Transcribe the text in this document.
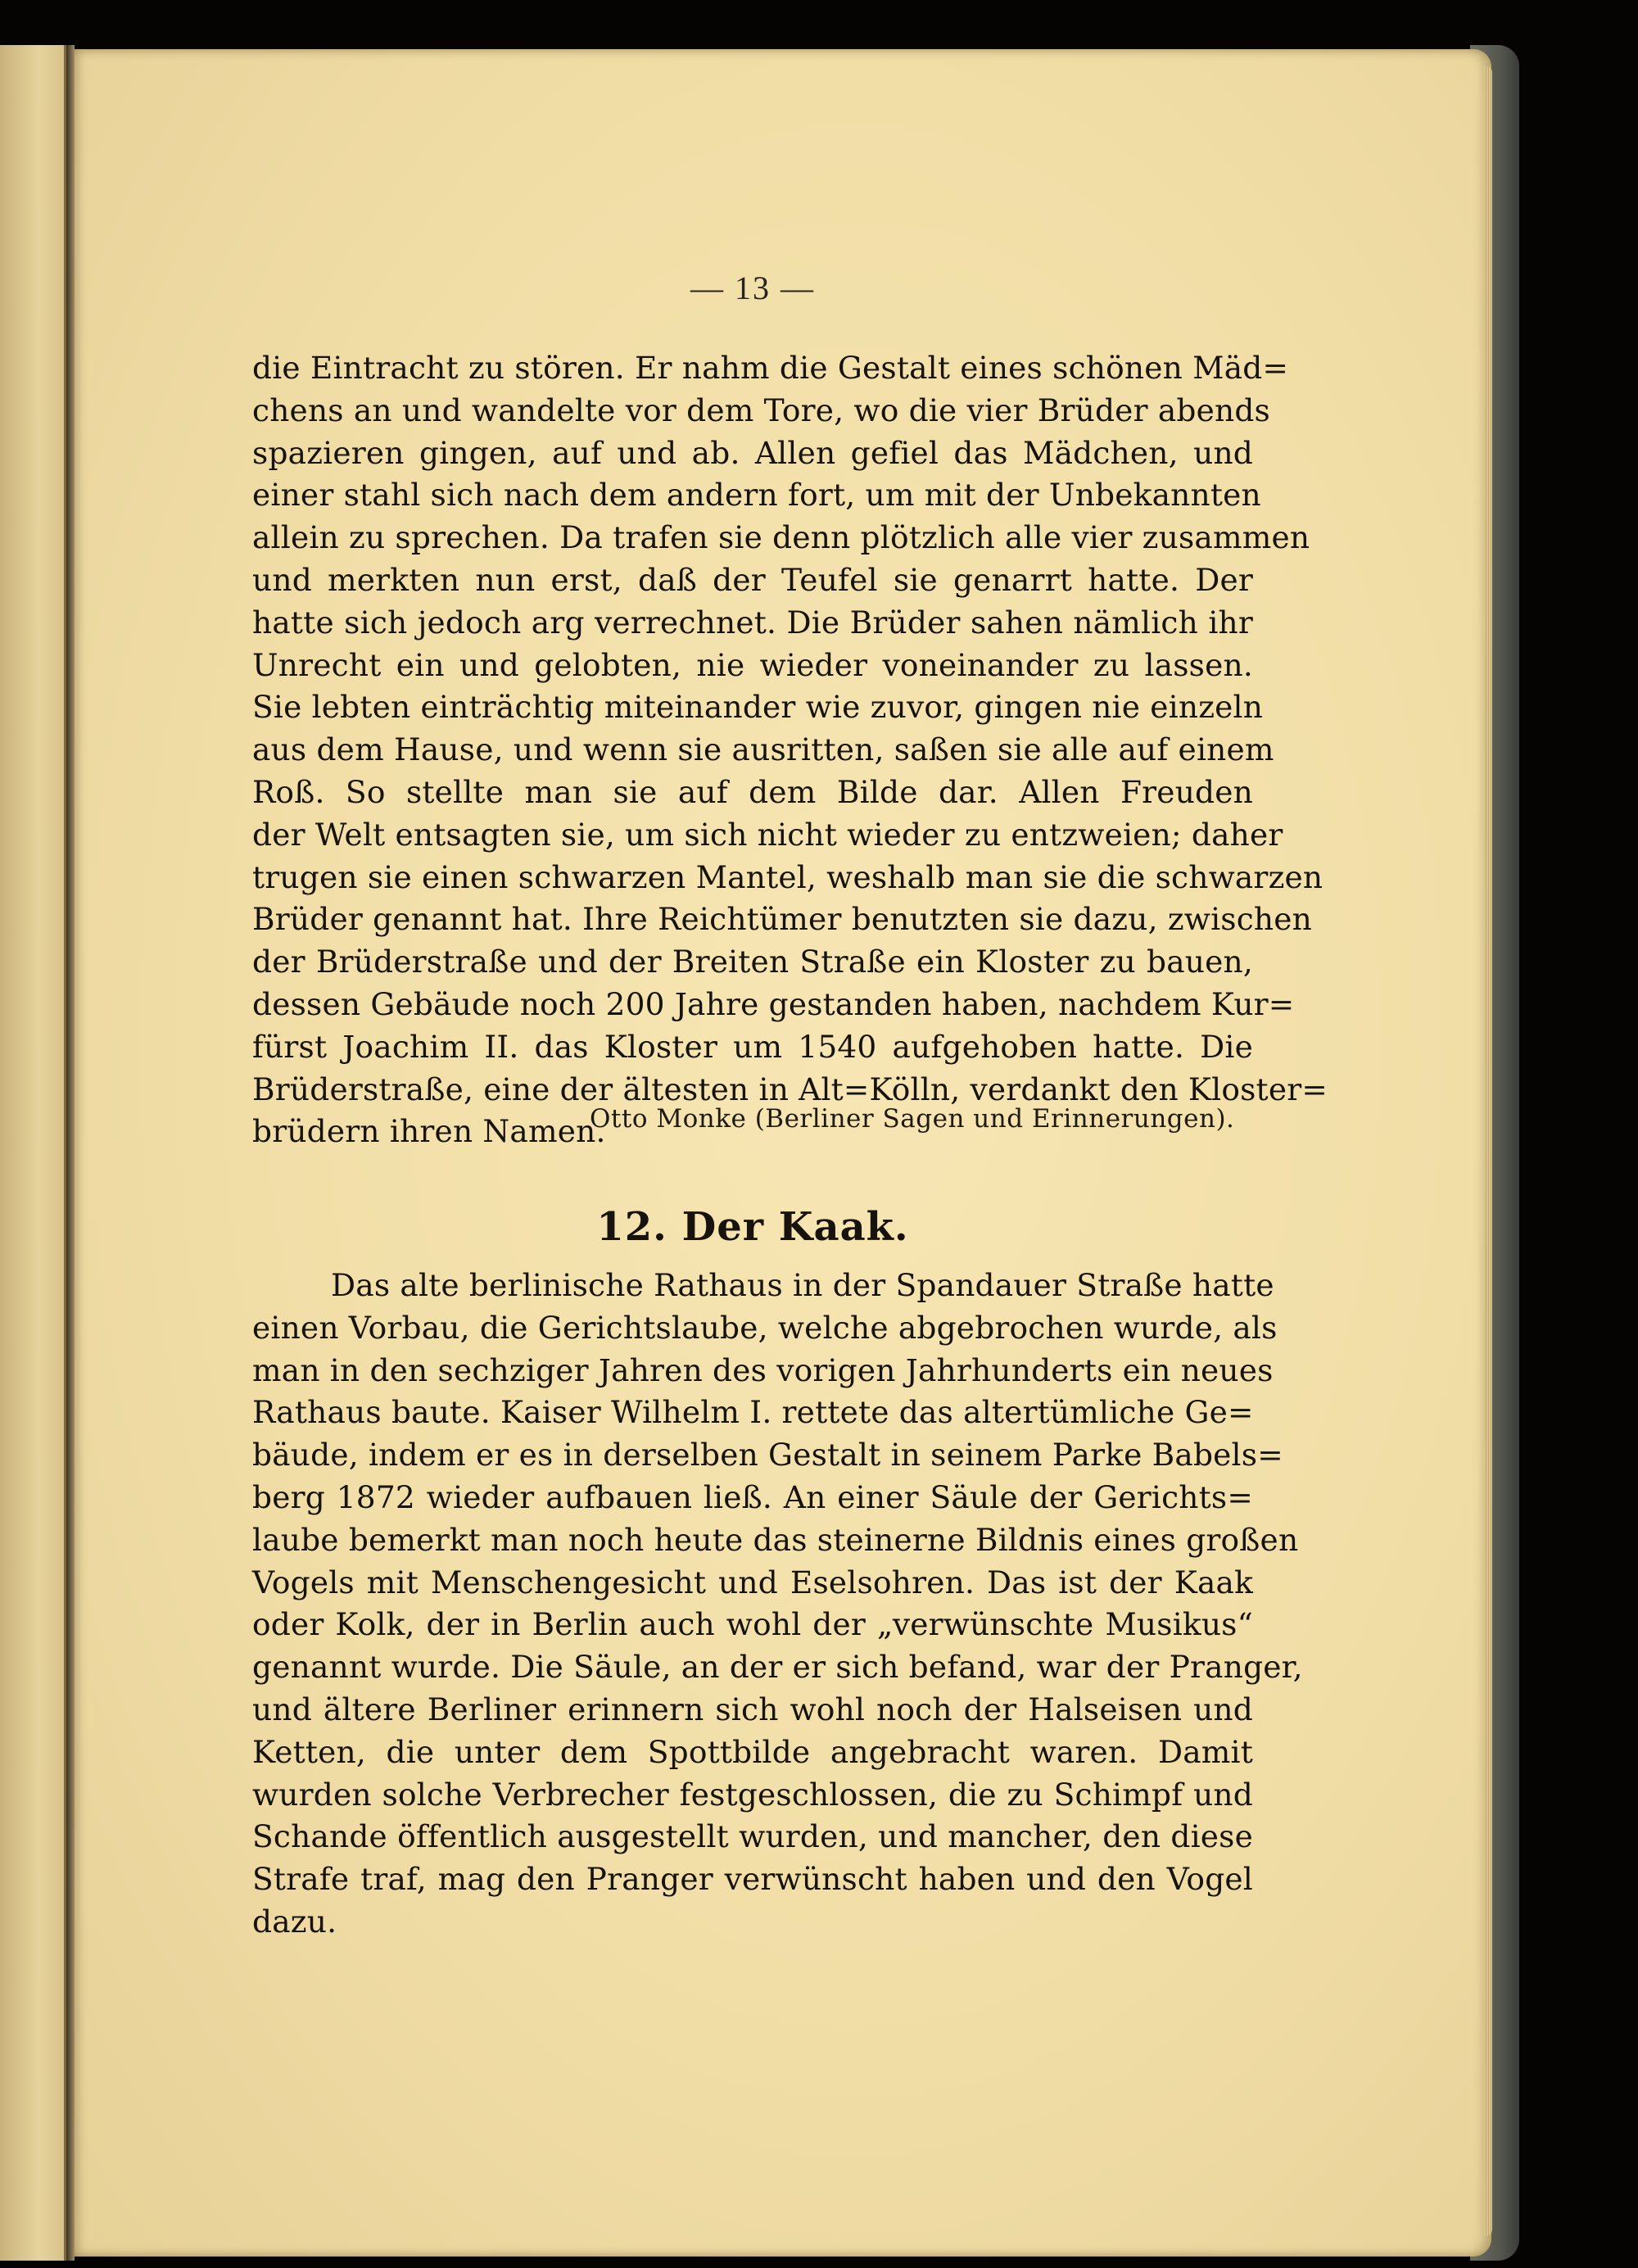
— 13 —
die Eintracht zu stören. Er nahm die Gestalt eines schönen Mäd=
chens an und wandelte vor dem Tore, wo die vier Brüder abends
spazieren gingen, auf und ab. Allen gefiel das Mädchen, und
einer stahl sich nach dem andern fort, um mit der Unbekannten
allein zu sprechen. Da trafen sie denn plötzlich alle vier zusammen
und merkten nun erst, daß der Teufel sie genarrt hatte. Der
hatte sich jedoch arg verrechnet. Die Brüder sahen nämlich ihr
Unrecht ein und gelobten, nie wieder voneinander zu lassen.
Sie lebten einträchtig miteinander wie zuvor, gingen nie einzeln
aus dem Hause, und wenn sie ausritten, saßen sie alle auf einem
Roß. So stellte man sie auf dem Bilde dar. Allen Freuden
der Welt entsagten sie, um sich nicht wieder zu entzweien; daher
trugen sie einen schwarzen Mantel, weshalb man sie die schwarzen
Brüder genannt hat. Ihre Reichtümer benutzten sie dazu, zwischen
der Brüderstraße und der Breiten Straße ein Kloster zu bauen,
dessen Gebäude noch 200 Jahre gestanden haben, nachdem Kur=
fürst Joachim II. das Kloster um 1540 aufgehoben hatte. Die
Brüderstraße, eine der ältesten in Alt=Kölln, verdankt den Kloster=
brüdern ihren Namen.
Otto Monke (Berliner Sagen und Erinnerungen).
12. Der Kaak.
Das alte berlinische Rathaus in der Spandauer Straße hatte
einen Vorbau, die Gerichtslaube, welche abgebrochen wurde, als
man in den sechziger Jahren des vorigen Jahrhunderts ein neues
Rathaus baute. Kaiser Wilhelm I. rettete das altertümliche Ge=
bäude, indem er es in derselben Gestalt in seinem Parke Babels=
berg 1872 wieder aufbauen ließ. An einer Säule der Gerichts=
laube bemerkt man noch heute das steinerne Bildnis eines großen
Vogels mit Menschengesicht und Eselsohren. Das ist der Kaak
oder Kolk, der in Berlin auch wohl der „verwünschte Musikus“
genannt wurde. Die Säule, an der er sich befand, war der Pranger,
und ältere Berliner erinnern sich wohl noch der Halseisen und
Ketten, die unter dem Spottbilde angebracht waren. Damit
wurden solche Verbrecher festgeschlossen, die zu Schimpf und
Schande öffentlich ausgestellt wurden, und mancher, den diese
Strafe traf, mag den Pranger verwünscht haben und den Vogel
dazu.
